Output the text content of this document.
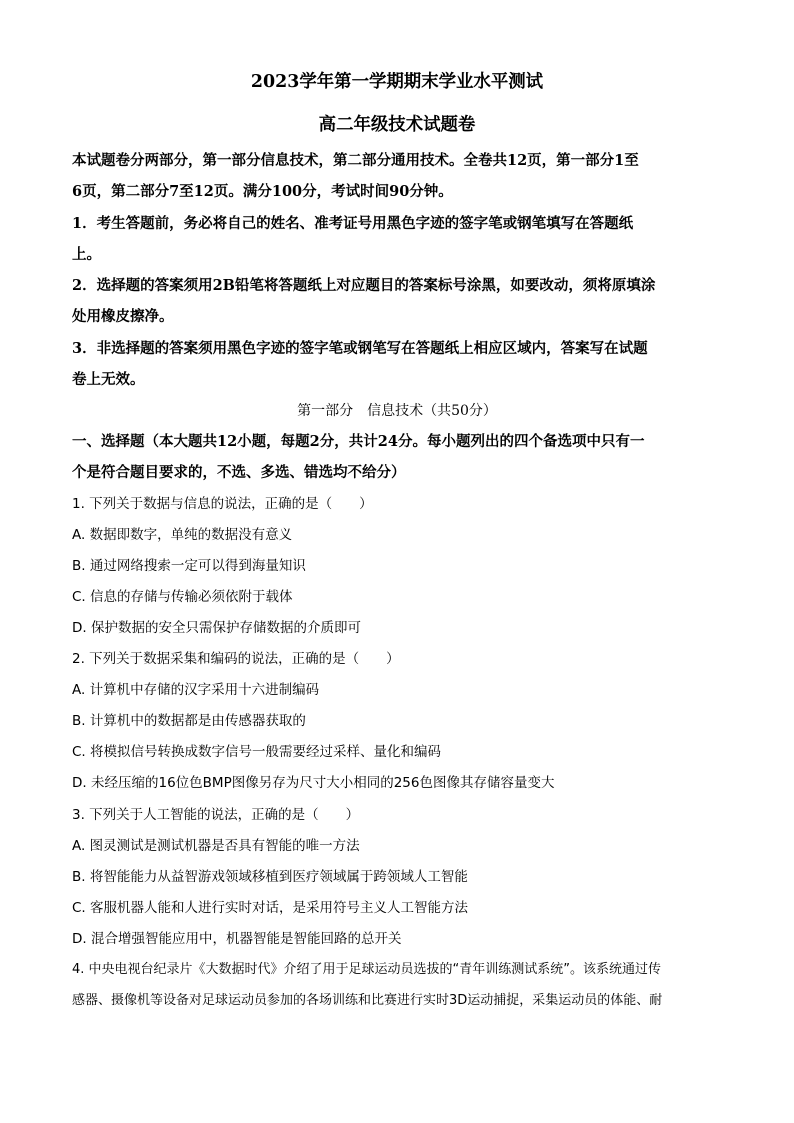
2023学年第一学期期末学业水平测试
高二年级技术试题卷
本试题卷分两部分，第一部分信息技术，第二部分通用技术。全卷共12页，第一部分1至
6页，第二部分7至12页。满分100分，考试时间90分钟。
1．考生答题前，务必将自己的姓名、准考证号用黑色字迹的签字笔或钢笔填写在答题纸
上。
2．选择题的答案须用2B铅笔将答题纸上对应题目的答案标号涂黑，如要改动，须将原填涂
处用橡皮擦净。
3．非选择题的答案须用黑色字迹的签字笔或钢笔写在答题纸上相应区域内，答案写在试题
卷上无效。
第一部分　信息技术（共50分）
一、选择题（本大题共12小题，每题2分，共计24分。每小题列出的四个备选项中只有一
个是符合题目要求的，不选、多选、错选均不给分）
1. 下列关于数据与信息的说法，正确的是（　　）
A. 数据即数字，单纯的数据没有意义
B. 通过网络搜索一定可以得到海量知识
C. 信息的存储与传输必须依附于载体
D. 保护数据的安全只需保护存储数据的介质即可
2. 下列关于数据采集和编码的说法，正确的是（　　）
A. 计算机中存储的汉字采用十六进制编码
B. 计算机中的数据都是由传感器获取的
C. 将模拟信号转换成数字信号一般需要经过采样、量化和编码
D. 未经压缩的16位色BMP图像另存为尺寸大小相同的256色图像其存储容量变大
3. 下列关于人工智能的说法，正确的是（　　）
A. 图灵测试是测试机器是否具有智能的唯一方法
B. 将智能能力从益智游戏领域移植到医疗领域属于跨领域人工智能
C. 客服机器人能和人进行实时对话，是采用符号主义人工智能方法
D. 混合增强智能应用中，机器智能是智能回路的总开关
4. 中央电视台纪录片《大数据时代》介绍了用于足球运动员选拔的“青年训练测试系统”。该系统通过传
感器、摄像机等设备对足球运动员参加的各场训练和比赛进行实时3D运动捕捉，采集运动员的体能、耐
